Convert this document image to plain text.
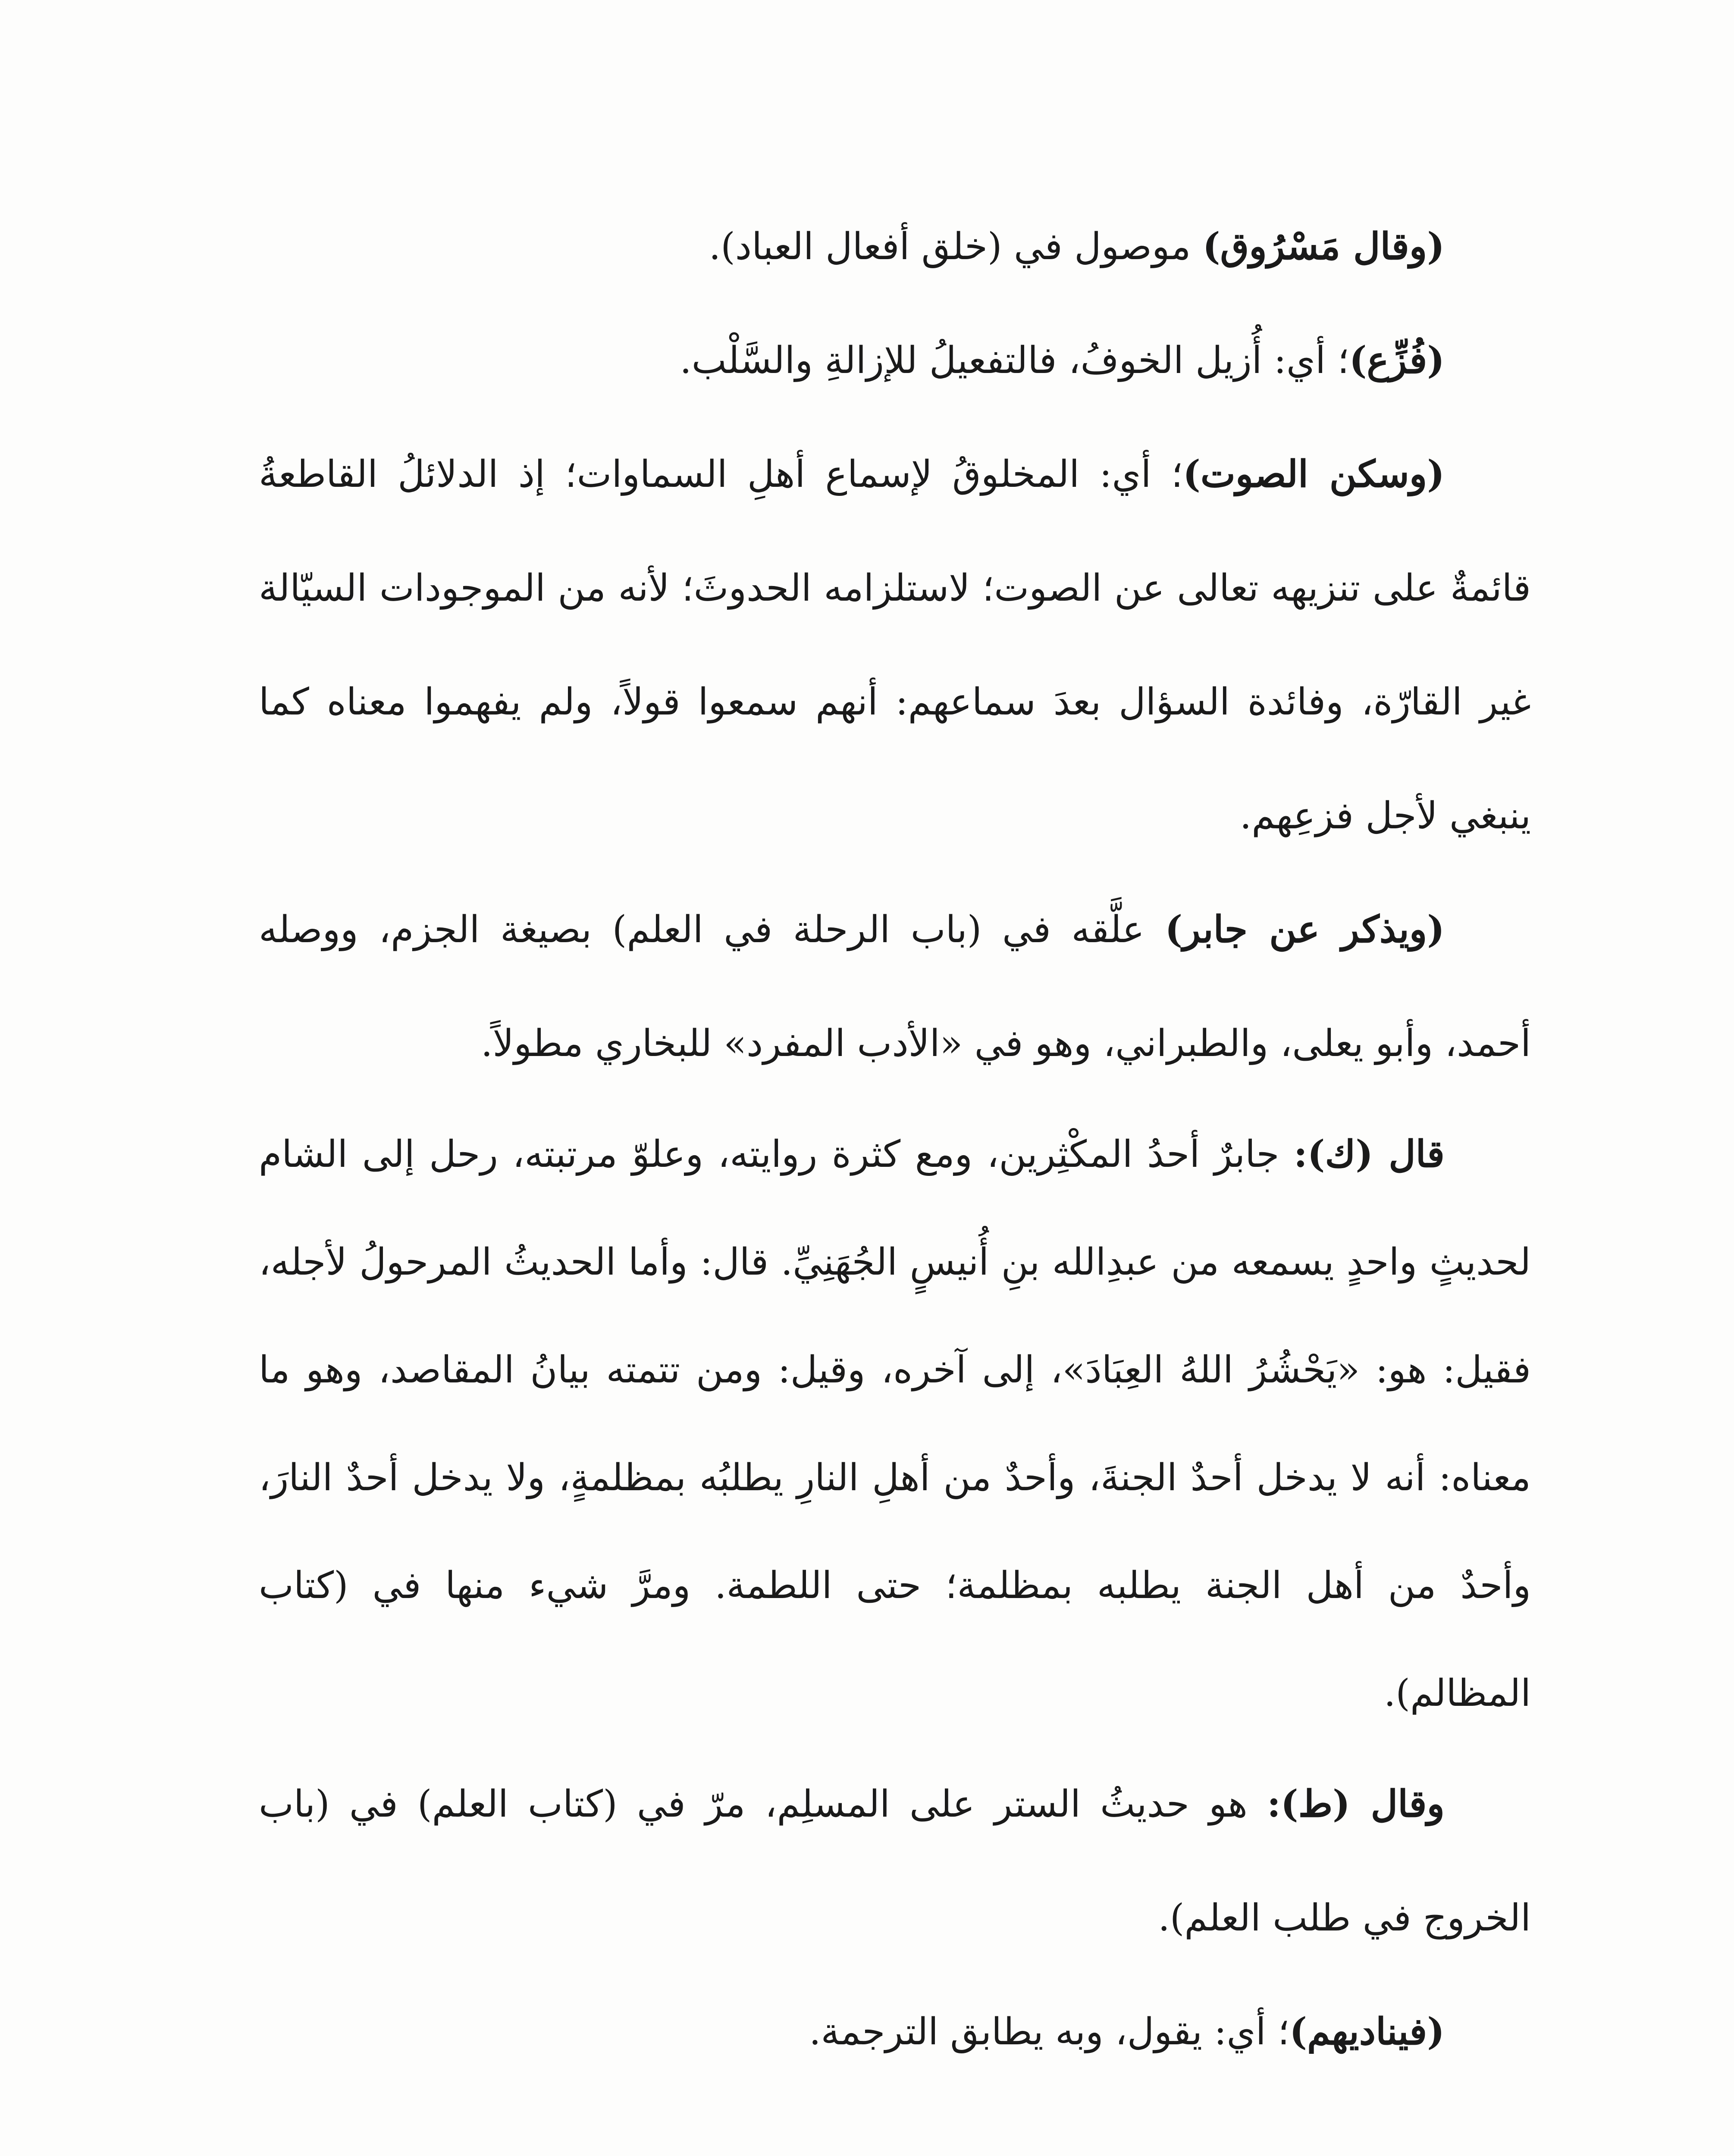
(وقال مَسْرُوق) موصول في (خلق أفعال العباد).

(فُزِّع)؛ أي: أُزيل الخوفُ، فالتفعيلُ للإزالةِ والسَّلْب.

(وسكن الصوت)؛ أي: المخلوقُ لإسماع أهلِ السماوات؛ إذ الدلائلُ القاطعةُ قائمةٌ على تنزيهه تعالى عن الصوت؛ لاستلزامه الحدوثَ؛ لأنه من الموجودات السيّالة غير القارّة، وفائدة السؤال بعدَ سماعهم: أنهم سمعوا قولاً، ولم يفهموا معناه كما ينبغي لأجل فزعِهم.

(ويذكر عن جابر) علَّقه في (باب الرحلة في العلم) بصيغة الجزم، ووصله أحمد، وأبو يعلى، والطبراني، وهو في «الأدب المفرد» للبخاري مطولاً.

قال (ك): جابرٌ أحدُ المكْثِرين، ومع كثرة روايته، وعلوّ مرتبته، رحل إلى الشام لحديثٍ واحدٍ يسمعه من عبدِالله بنِ أُنيسٍ الجُهَنِيِّ. قال: وأما الحديثُ المرحولُ لأجله، فقيل: هو: «يَحْشُرُ اللهُ العِبَادَ»، إلى آخره، وقيل: ومن تتمته بيانُ المقاصد، وهو ما معناه: أنه لا يدخل أحدٌ الجنةَ، وأحدٌ من أهلِ النارِ يطلبُه بمظلمةٍ، ولا يدخل أحدٌ النارَ، وأحدٌ من أهل الجنة يطلبه بمظلمة؛ حتى اللطمة. ومرَّ شيء منها في (كتاب المظالم).

وقال (ط): هو حديثُ الستر على المسلِم، مرّ في (كتاب العلم) في (باب الخروج في طلب العلم).

(فيناديهم)؛ أي: يقول، وبه يطابق الترجمة.
